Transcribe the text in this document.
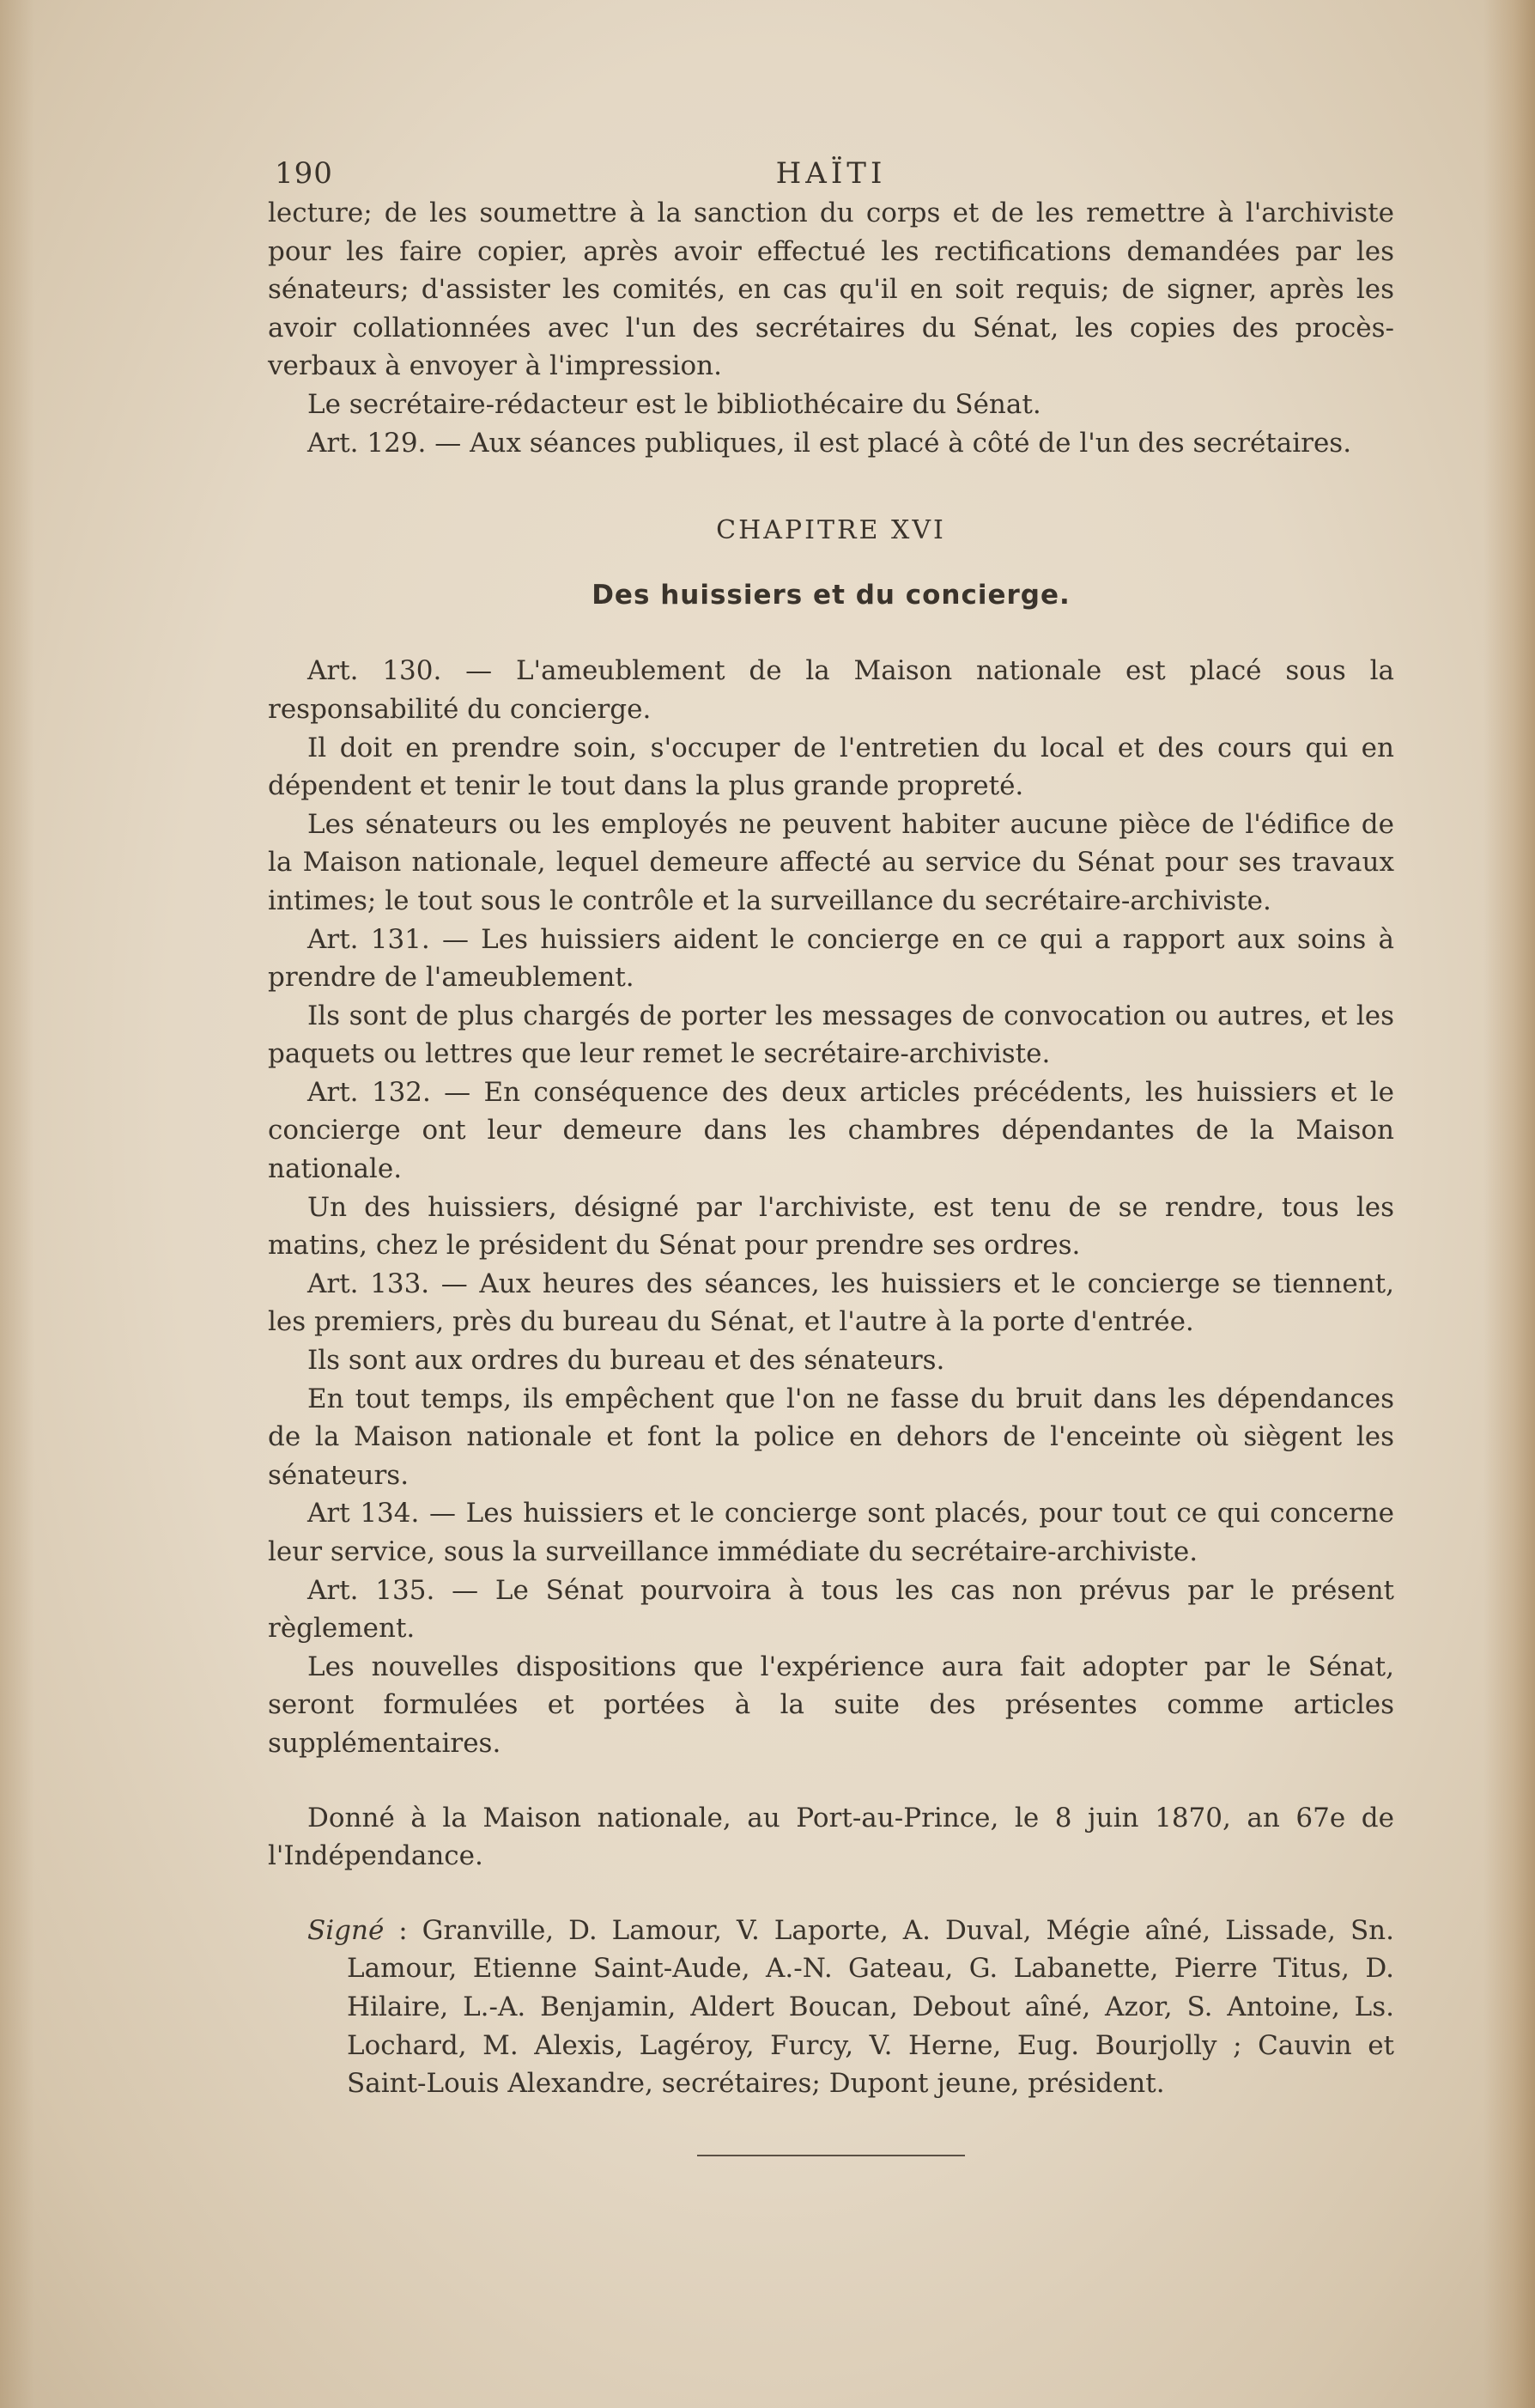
190	HAÏTI

lecture; de les soumettre à la sanction du corps et de les remettre à l'archiviste pour les faire copier, après avoir effectué les rectifications demandées par les sénateurs; d'assister les comités, en cas qu'il en soit requis; de signer, après les avoir collationnées avec l'un des secrétaires du Sénat, les copies des procès-verbaux à envoyer à l'impression.

Le secrétaire-rédacteur est le bibliothécaire du Sénat.

Art. 129. — Aux séances publiques, il est placé à côté de l'un des secrétaires.

CHAPITRE XVI
Des huissiers et du concierge.

Art. 130. — L'ameublement de la Maison nationale est placé sous la responsabilité du concierge.

Il doit en prendre soin, s'occuper de l'entretien du local et des cours qui en dépendent et tenir le tout dans la plus grande propreté.

Les sénateurs ou les employés ne peuvent habiter aucune pièce de l'édifice de la Maison nationale, lequel demeure affecté au service du Sénat pour ses travaux intimes; le tout sous le contrôle et la surveillance du secrétaire-archiviste.

Art. 131. — Les huissiers aident le concierge en ce qui a rapport aux soins à prendre de l'ameublement.

Ils sont de plus chargés de porter les messages de convocation ou autres, et les paquets ou lettres que leur remet le secrétaire-archiviste.

Art. 132. — En conséquence des deux articles précédents, les huissiers et le concierge ont leur demeure dans les chambres dépendantes de la Maison nationale.

Un des huissiers, désigné par l'archiviste, est tenu de se rendre, tous les matins, chez le président du Sénat pour prendre ses ordres.

Art. 133. — Aux heures des séances, les huissiers et le concierge se tiennent, les premiers, près du bureau du Sénat, et l'autre à la porte d'entrée.

Ils sont aux ordres du bureau et des sénateurs.

En tout temps, ils empêchent que l'on ne fasse du bruit dans les dépendances de la Maison nationale et font la police en dehors de l'enceinte où siègent les sénateurs.

Art 134. — Les huissiers et le concierge sont placés, pour tout ce qui concerne leur service, sous la surveillance immédiate du secrétaire-archiviste.

Art. 135. — Le Sénat pourvoira à tous les cas non prévus par le présent règlement.

Les nouvelles dispositions que l'expérience aura fait adopter par le Sénat, seront formulées et portées à la suite des présentes comme articles supplémentaires.

Donné à la Maison nationale, au Port-au-Prince, le 8 juin 1870, an 67e de l'Indépendance.

Signé : Granville, D. Lamour, V. Laporte, A. Duval, Mégie aîné, Lissade, Sn. Lamour, Etienne Saint-Aude, A.-N. Gateau, G. Labanette, Pierre Titus, D. Hilaire, L.-A. Benjamin, Aldert Boucan, Debout aîné, Azor, S. Antoine, Ls. Lochard, M. Alexis, Lagéroy, Furcy, V. Herne, Eug. Bourjolly ; Cauvin et Saint-Louis Alexandre, secrétaires; Dupont jeune, président.
